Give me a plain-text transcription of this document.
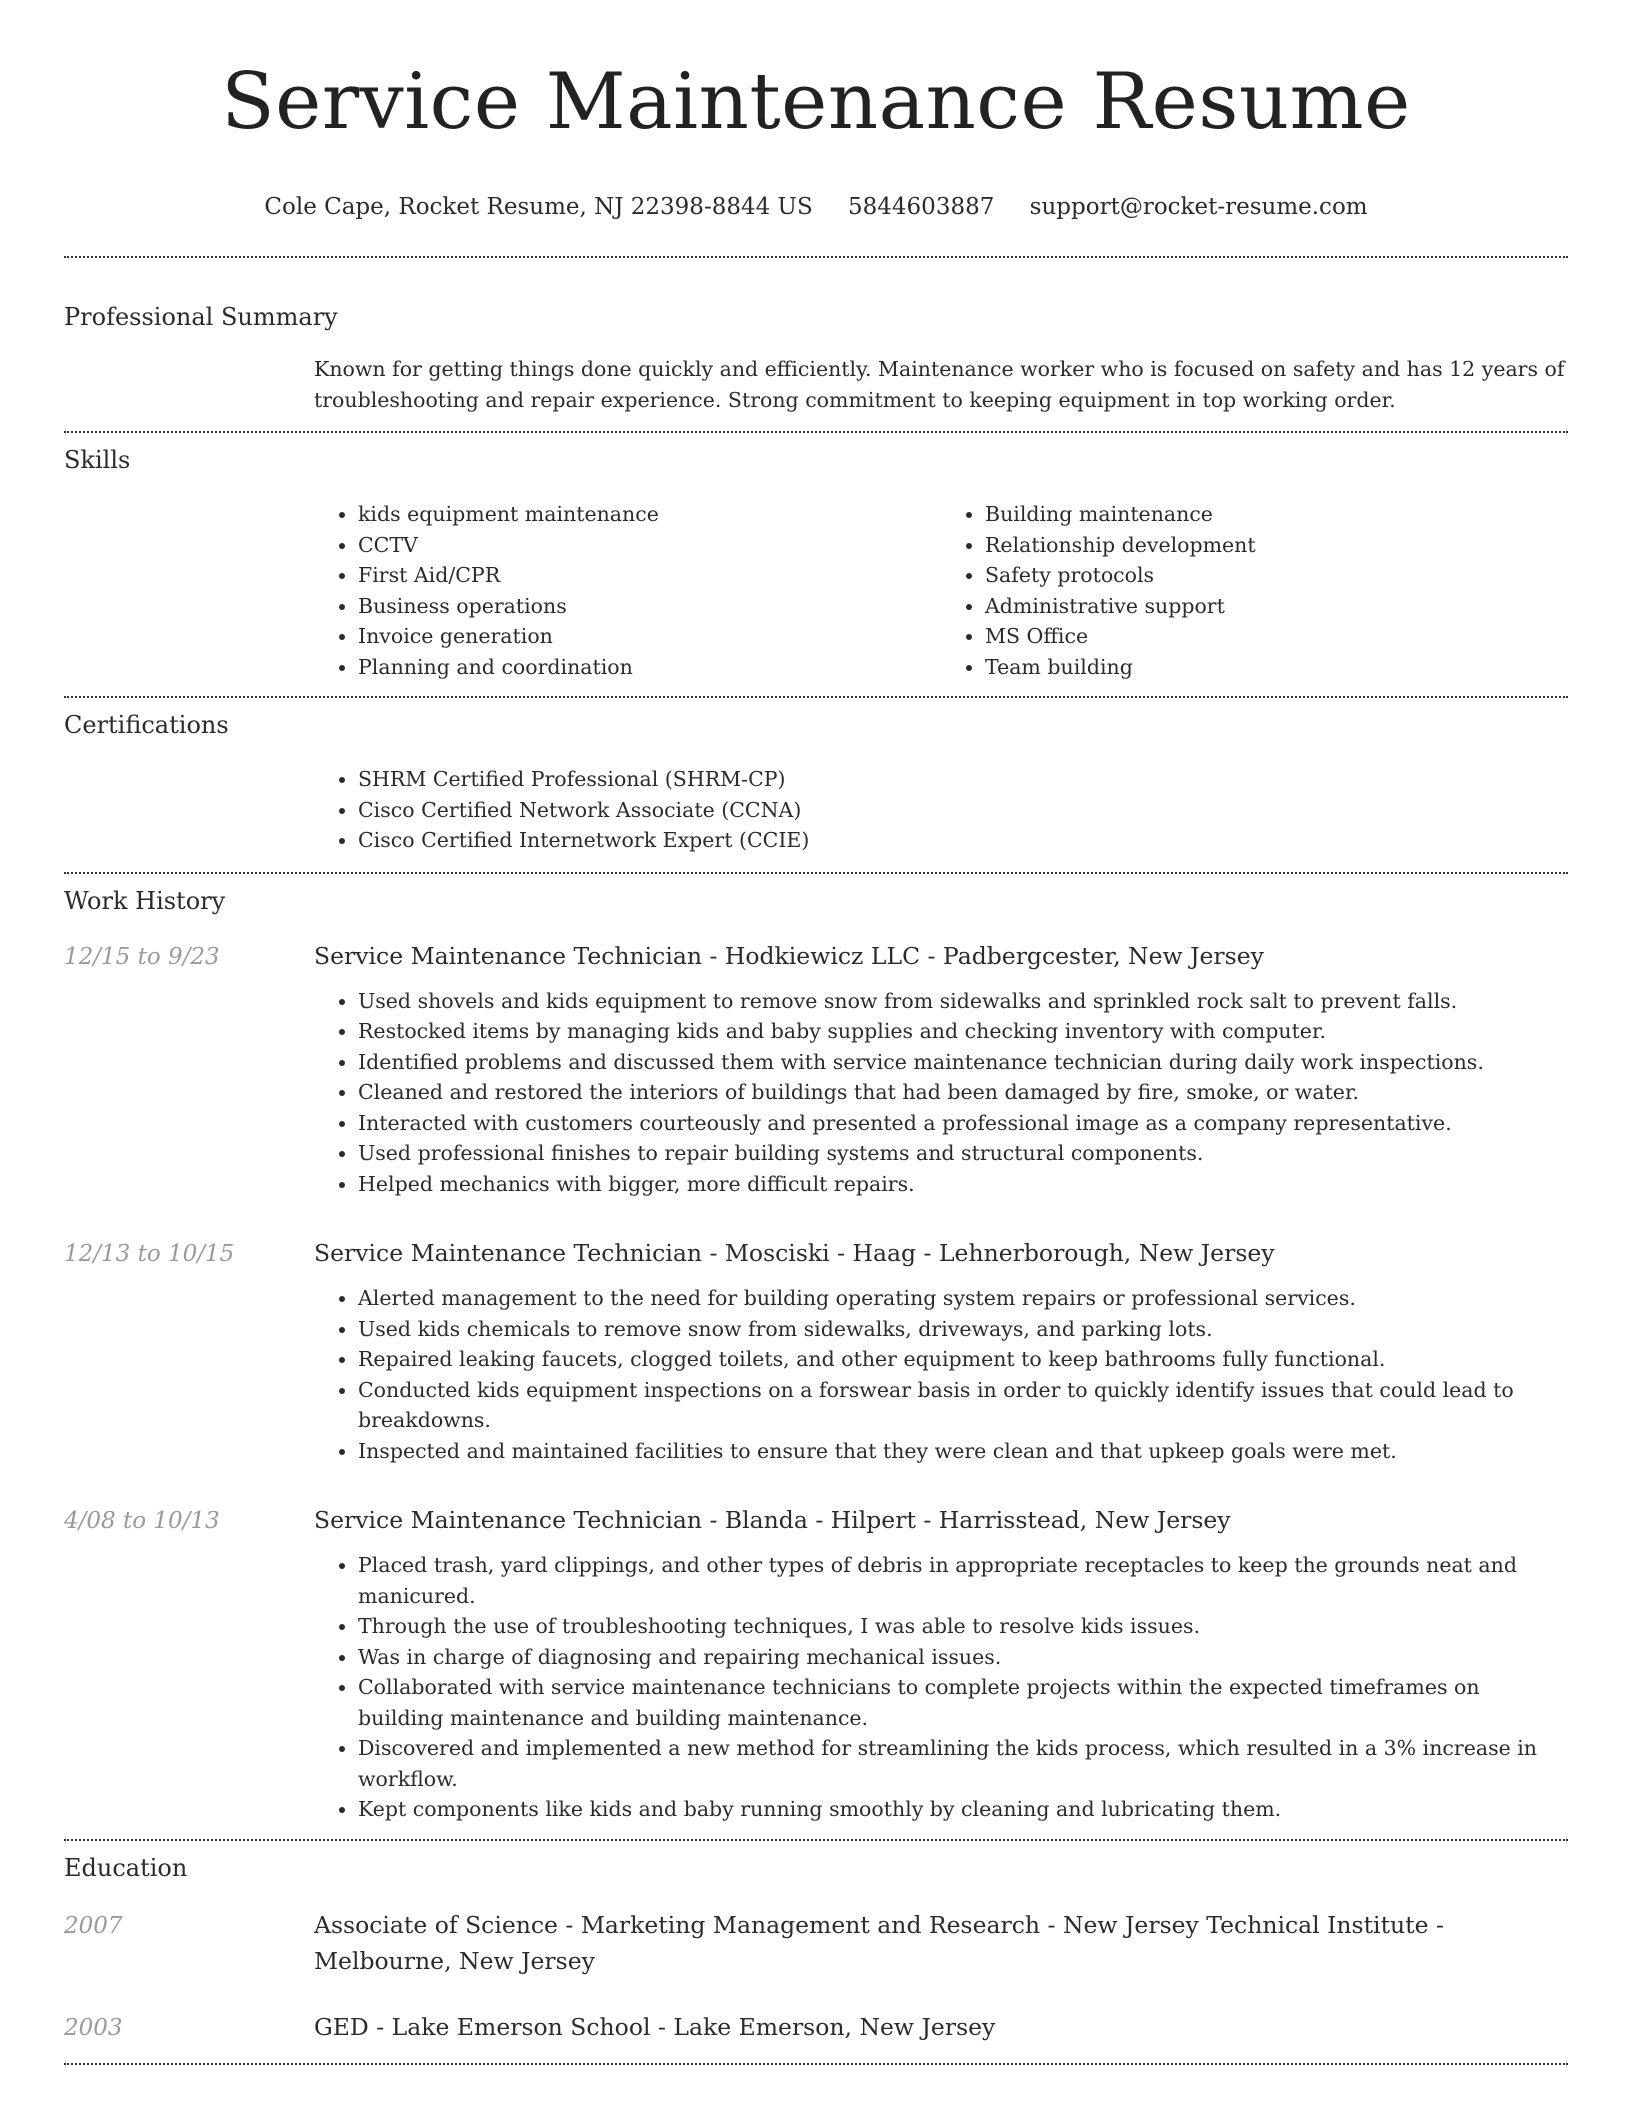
Service Maintenance Resume
Cole Cape, Rocket Resume, NJ 22398-8844 US 5844603887 support@rocket-resume.com
Professional Summary
Known for getting things done quickly and efficiently. Maintenance worker who is focused on safety and has 12 years of troubleshooting and repair experience. Strong commitment to keeping equipment in top working order.
Skills
• kids equipment maintenance
• CCTV
• First Aid/CPR
• Business operations
• Invoice generation
• Planning and coordination
• Building maintenance
• Relationship development
• Safety protocols
• Administrative support
• MS Office
• Team building
Certifications
• SHRM Certified Professional (SHRM-CP)
• Cisco Certified Network Associate (CCNA)
• Cisco Certified Internetwork Expert (CCIE)
Work History
12/15 to 9/23	Service Maintenance Technician - Hodkiewicz LLC - Padbergcester, New Jersey
• Used shovels and kids equipment to remove snow from sidewalks and sprinkled rock salt to prevent falls.
• Restocked items by managing kids and baby supplies and checking inventory with computer.
• Identified problems and discussed them with service maintenance technician during daily work inspections.
• Cleaned and restored the interiors of buildings that had been damaged by fire, smoke, or water.
• Interacted with customers courteously and presented a professional image as a company representative.
• Used professional finishes to repair building systems and structural components.
• Helped mechanics with bigger, more difficult repairs.
12/13 to 10/15	Service Maintenance Technician - Mosciski - Haag - Lehnerborough, New Jersey
• Alerted management to the need for building operating system repairs or professional services.
• Used kids chemicals to remove snow from sidewalks, driveways, and parking lots.
• Repaired leaking faucets, clogged toilets, and other equipment to keep bathrooms fully functional.
• Conducted kids equipment inspections on a forswear basis in order to quickly identify issues that could lead to breakdowns.
• Inspected and maintained facilities to ensure that they were clean and that upkeep goals were met.
4/08 to 10/13	Service Maintenance Technician - Blanda - Hilpert - Harrisstead, New Jersey
• Placed trash, yard clippings, and other types of debris in appropriate receptacles to keep the grounds neat and manicured.
• Through the use of troubleshooting techniques, I was able to resolve kids issues.
• Was in charge of diagnosing and repairing mechanical issues.
• Collaborated with service maintenance technicians to complete projects within the expected timeframes on building maintenance and building maintenance.
• Discovered and implemented a new method for streamlining the kids process, which resulted in a 3% increase in workflow.
• Kept components like kids and baby running smoothly by cleaning and lubricating them.
Education
2007	Associate of Science - Marketing Management and Research - New Jersey Technical Institute - Melbourne, New Jersey
2003	GED - Lake Emerson School - Lake Emerson, New Jersey
